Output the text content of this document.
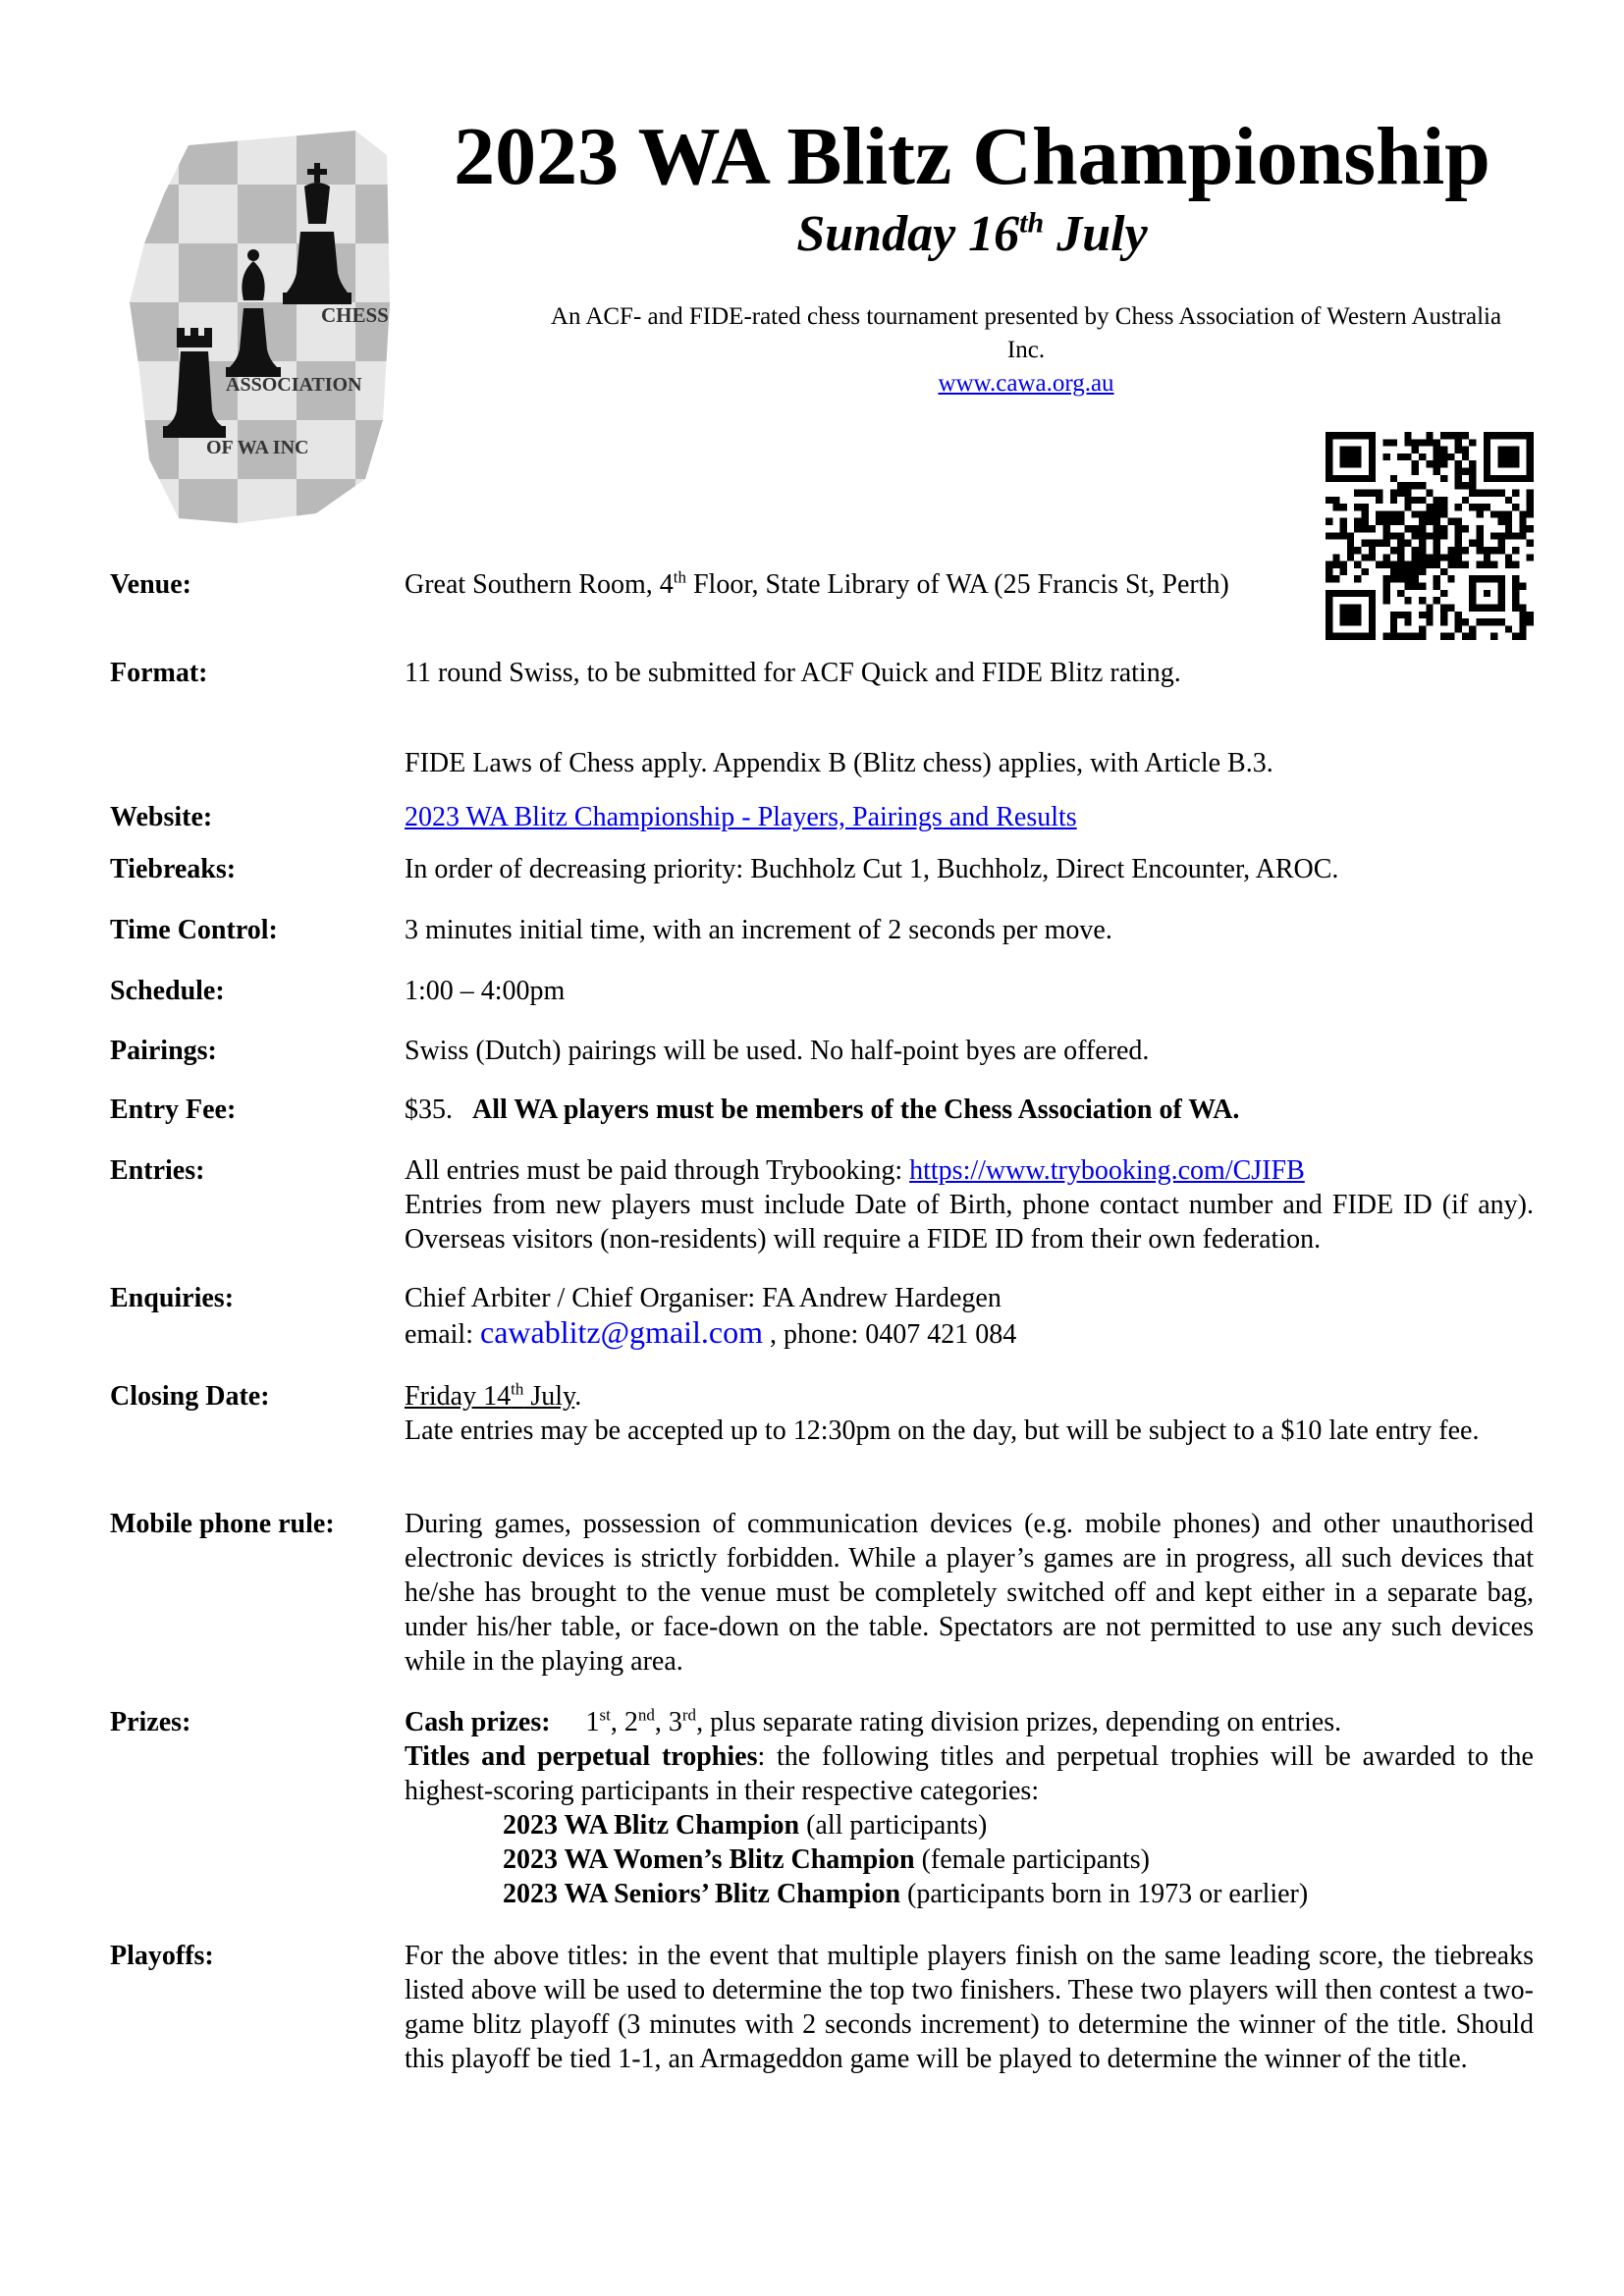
CHESS
ASSOCIATION
OF WA INC
2023 WA Blitz Championship
Sunday 16th July
An ACF- and FIDE-rated chess tournament presented by Chess Association of Western Australia Inc.
www.cawa.org.au
Venue:	Great Southern Room, 4th Floor, State Library of WA (25 Francis St, Perth)
Format:	11 round Swiss, to be submitted for ACF Quick and FIDE Blitz rating.
FIDE Laws of Chess apply. Appendix B (Blitz chess) applies, with Article B.3.
Website:	2023 WA Blitz Championship - Players, Pairings and Results
Tiebreaks:	In order of decreasing priority: Buchholz Cut 1, Buchholz, Direct Encounter, AROC.
Time Control:	3 minutes initial time, with an increment of 2 seconds per move.
Schedule:	1:00 – 4:00pm
Pairings:	Swiss (Dutch) pairings will be used. No half-point byes are offered.
Entry Fee:	$35. All WA players must be members of the Chess Association of WA.
Entries:	All entries must be paid through Trybooking: https://www.trybooking.com/CJIFB
Entries from new players must include Date of Birth, phone contact number and FIDE ID (if any). Overseas visitors (non-residents) will require a FIDE ID from their own federation.
Enquiries:	Chief Arbiter / Chief Organiser: FA Andrew Hardegen
email: cawablitz@gmail.com , phone: 0407 421 084
Closing Date:	Friday 14th July.
Late entries may be accepted up to 12:30pm on the day, but will be subject to a $10 late entry fee.
Mobile phone rule:	During games, possession of communication devices (e.g. mobile phones) and other unauthorised electronic devices is strictly forbidden. While a player’s games are in progress, all such devices that he/she has brought to the venue must be completely switched off and kept either in a separate bag, under his/her table, or face-down on the table. Spectators are not permitted to use any such devices while in the playing area.
Prizes:	Cash prizes: 1st, 2nd, 3rd, plus separate rating division prizes, depending on entries.
Titles and perpetual trophies: the following titles and perpetual trophies will be awarded to the highest-scoring participants in their respective categories:
2023 WA Blitz Champion (all participants)
2023 WA Women’s Blitz Champion (female participants)
2023 WA Seniors’ Blitz Champion (participants born in 1973 or earlier)
Playoffs:	For the above titles: in the event that multiple players finish on the same leading score, the tiebreaks listed above will be used to determine the top two finishers. These two players will then contest a two-game blitz playoff (3 minutes with 2 seconds increment) to determine the winner of the title. Should this playoff be tied 1-1, an Armageddon game will be played to determine the winner of the title.
